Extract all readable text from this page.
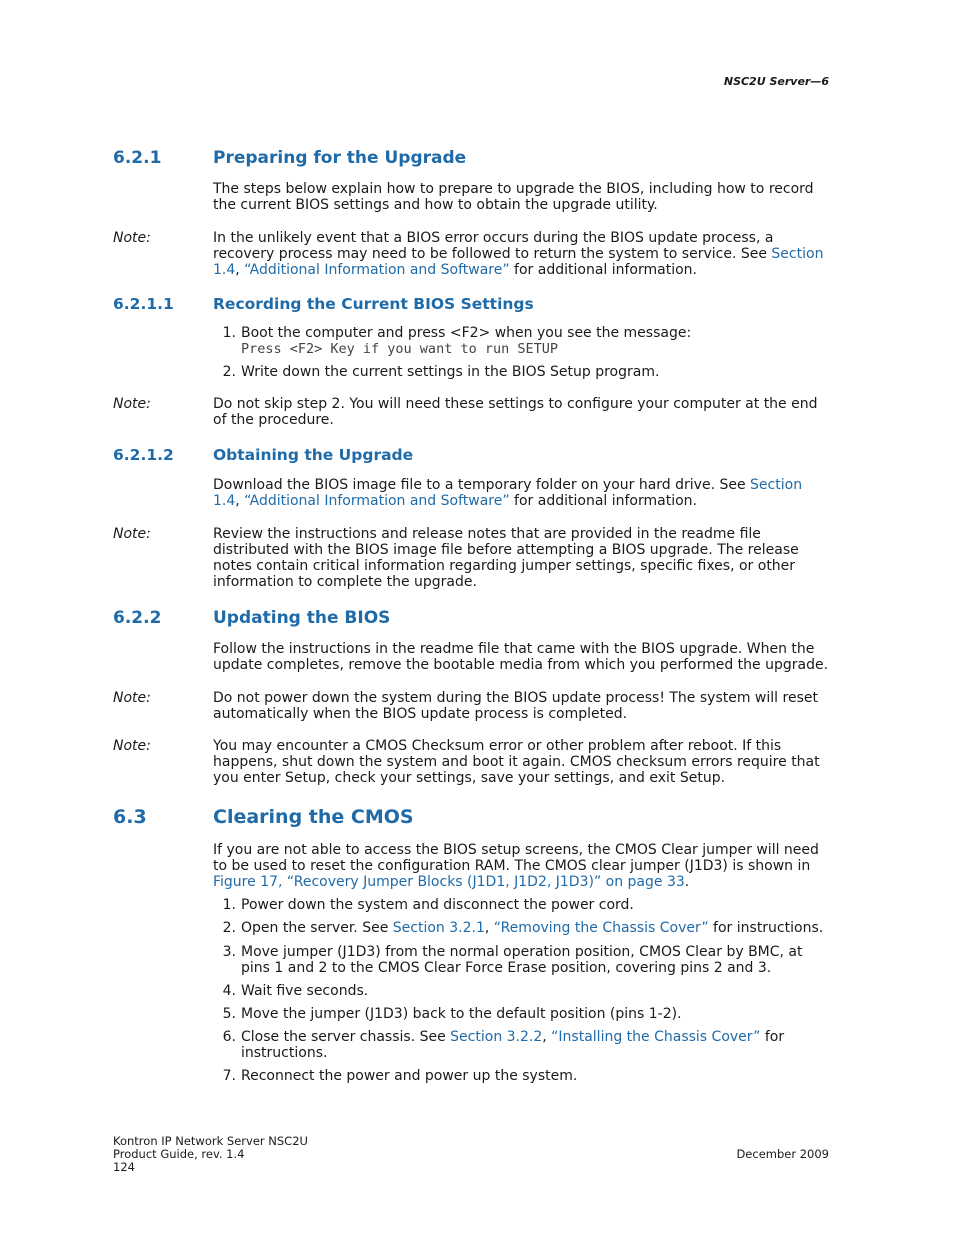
NSC2U Server—6
6.2.1	Preparing for the Upgrade
The steps below explain how to prepare to upgrade the BIOS, including how to record the current BIOS settings and how to obtain the upgrade utility.
Note:	In the unlikely event that a BIOS error occurs during the BIOS update process, a recovery process may need to be followed to return the system to service. See Section 1.4, “Additional Information and Software” for additional information.
6.2.1.1	Recording the Current BIOS Settings
1. Boot the computer and press <F2> when you see the message:
Press <F2> Key if you want to run SETUP
2. Write down the current settings in the BIOS Setup program.
Note:	Do not skip step 2. You will need these settings to configure your computer at the end of the procedure.
6.2.1.2	Obtaining the Upgrade
Download the BIOS image file to a temporary folder on your hard drive. See Section 1.4, “Additional Information and Software” for additional information.
Note:	Review the instructions and release notes that are provided in the readme file distributed with the BIOS image file before attempting a BIOS upgrade. The release notes contain critical information regarding jumper settings, specific fixes, or other information to complete the upgrade.
6.2.2	Updating the BIOS
Follow the instructions in the readme file that came with the BIOS upgrade. When the update completes, remove the bootable media from which you performed the upgrade.
Note:	Do not power down the system during the BIOS update process! The system will reset automatically when the BIOS update process is completed.
Note:	You may encounter a CMOS Checksum error or other problem after reboot. If this happens, shut down the system and boot it again. CMOS checksum errors require that you enter Setup, check your settings, save your settings, and exit Setup.
6.3	Clearing the CMOS
If you are not able to access the BIOS setup screens, the CMOS Clear jumper will need to be used to reset the configuration RAM. The CMOS clear jumper (J1D3) is shown in Figure 17, “Recovery Jumper Blocks (J1D1, J1D2, J1D3)” on page 33.
1. Power down the system and disconnect the power cord.
2. Open the server. See Section 3.2.1, “Removing the Chassis Cover” for instructions.
3. Move jumper (J1D3) from the normal operation position, CMOS Clear by BMC, at pins 1 and 2 to the CMOS Clear Force Erase position, covering pins 2 and 3.
4. Wait five seconds.
5. Move the jumper (J1D3) back to the default position (pins 1-2).
6. Close the server chassis. See Section 3.2.2, “Installing the Chassis Cover” for instructions.
7. Reconnect the power and power up the system.
Kontron IP Network Server NSC2U
Product Guide, rev. 1.4
124
December 2009
